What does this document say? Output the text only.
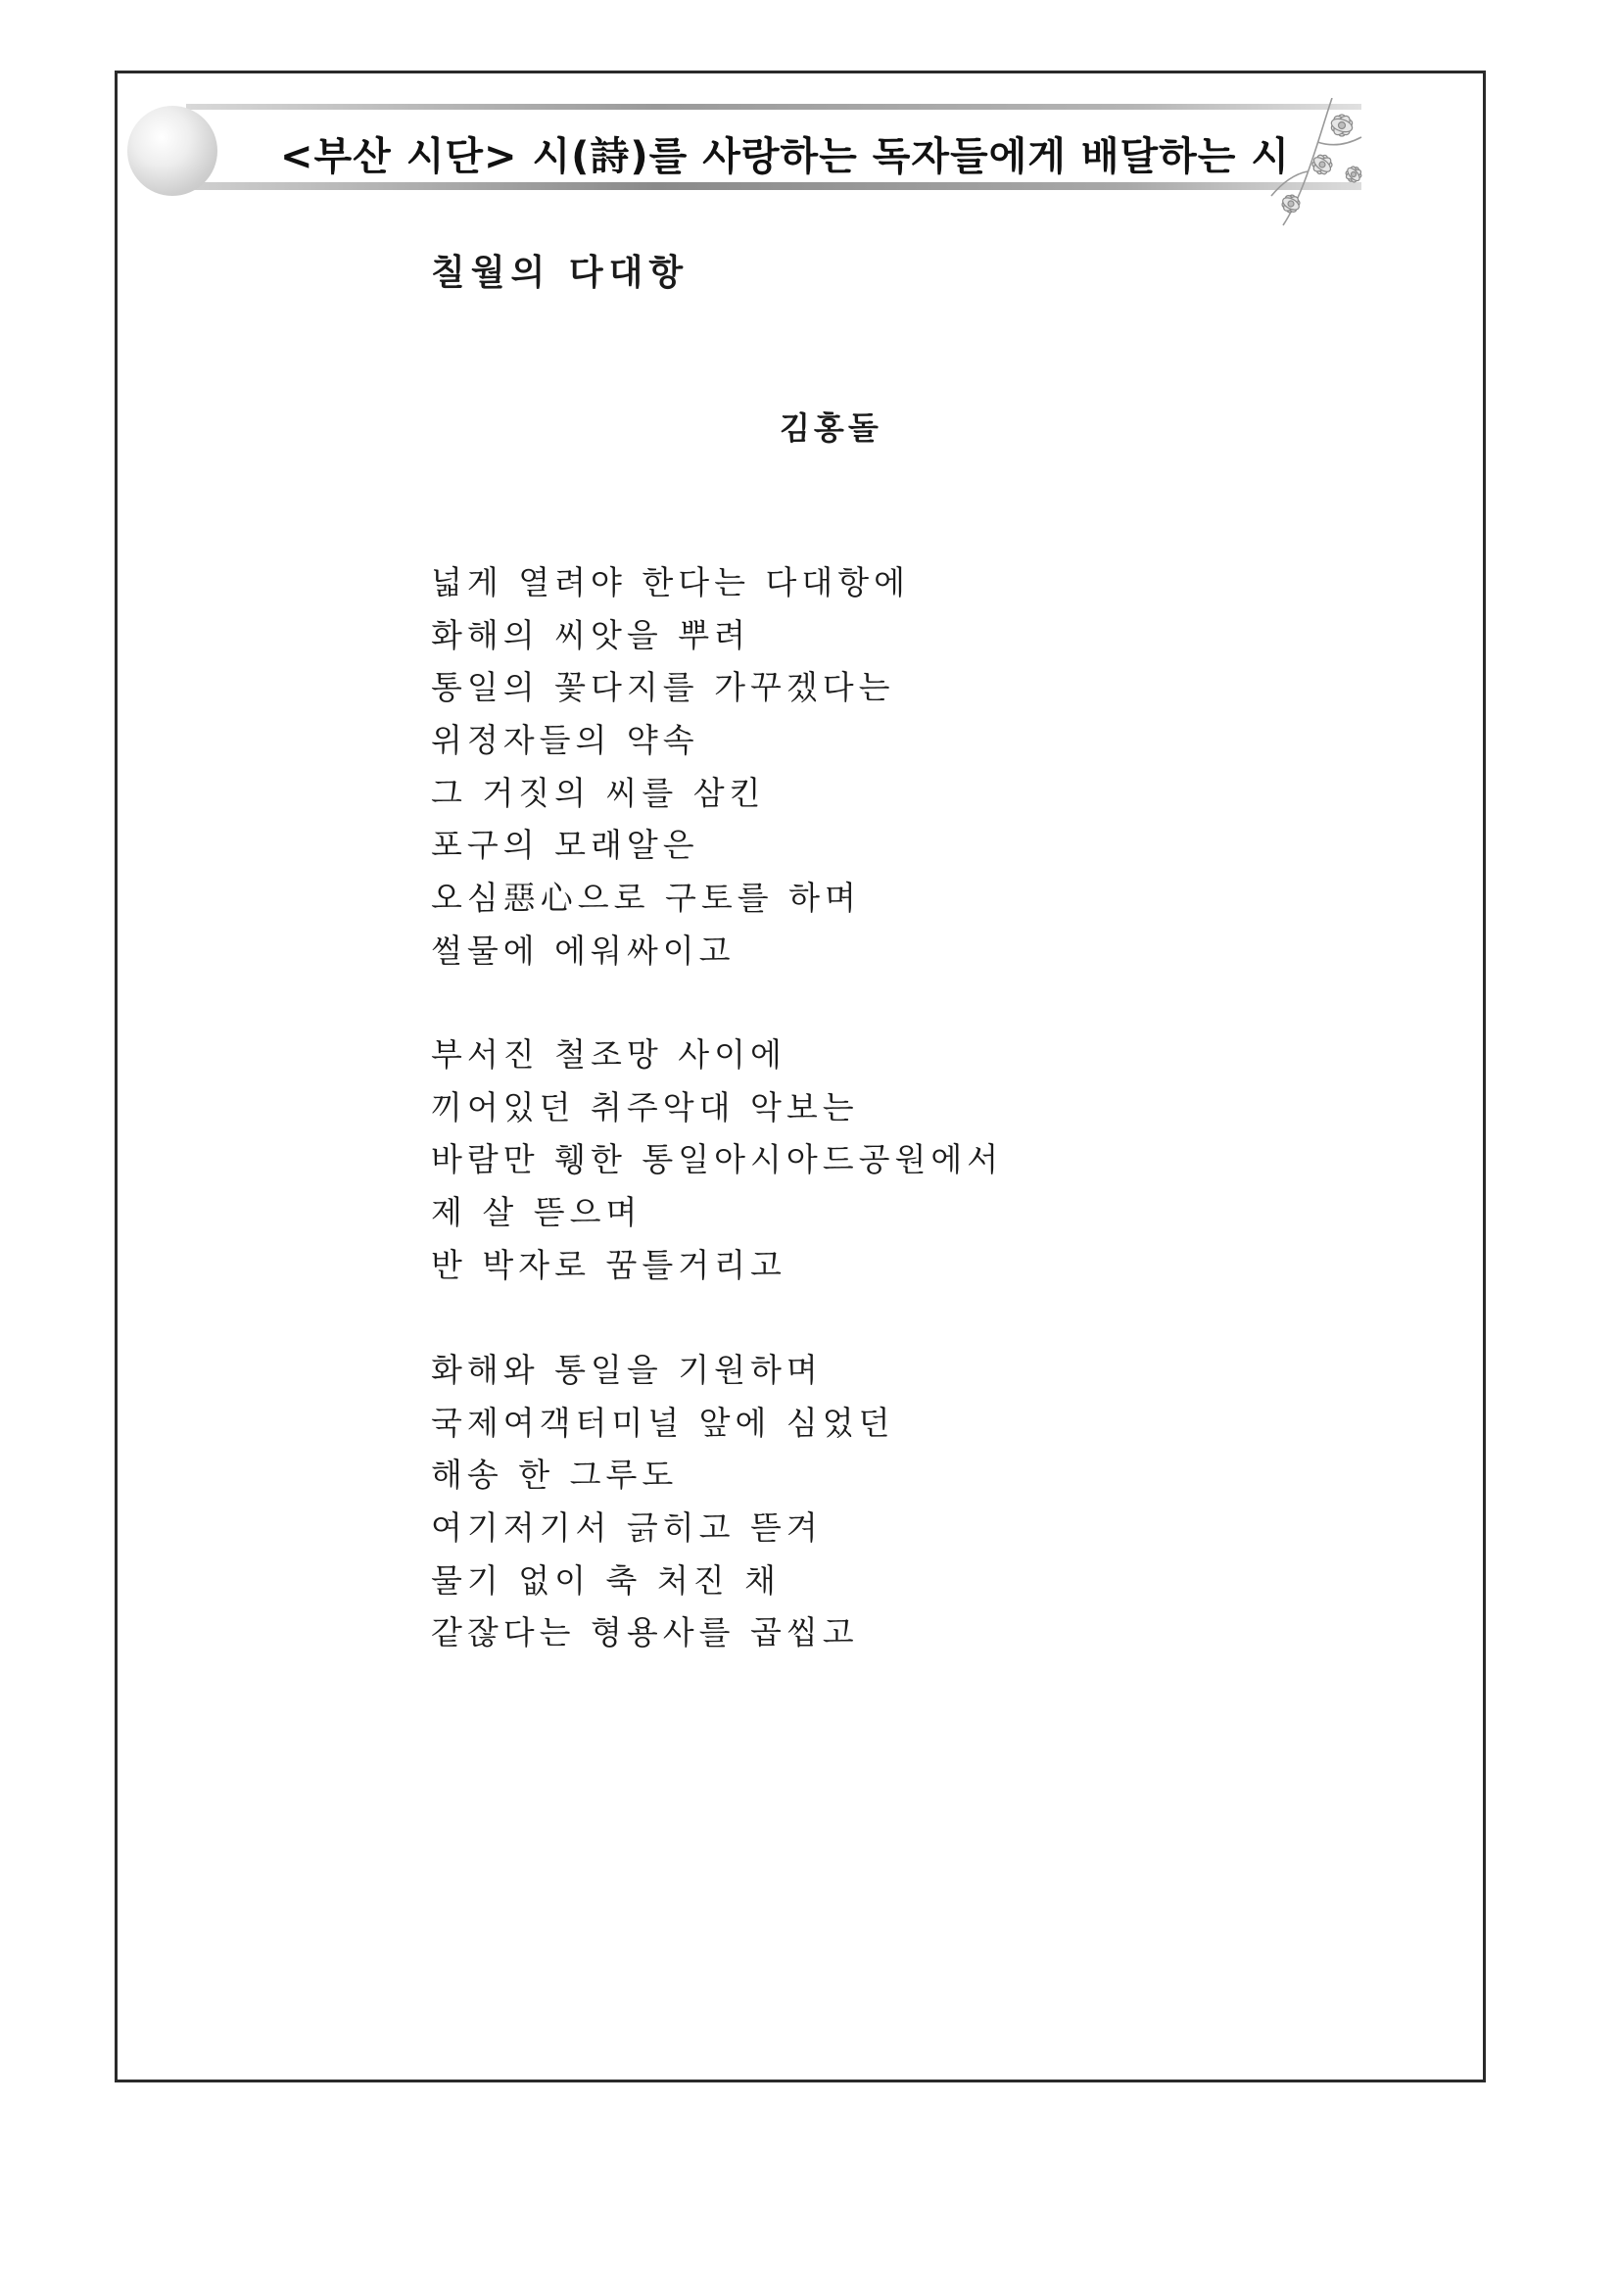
<부산 시단> 시(詩)를 사랑하는 독자들에게 배달하는 시
칠월의 다대항
김홍돌
넓게 열려야 한다는 다대항에
화해의 씨앗을 뿌려
통일의 꽃다지를 가꾸겠다는
위정자들의 약속
그 거짓의 씨를 삼킨
포구의 모래알은
오심惡心으로 구토를 하며
썰물에 에워싸이고
부서진 철조망 사이에
끼어있던 취주악대 악보는
바람만 휑한 통일아시아드공원에서
제 살 뜯으며
반 박자로 꿈틀거리고
화해와 통일을 기원하며
국제여객터미널 앞에 심었던
해송 한 그루도
여기저기서 긁히고 뜯겨
물기 없이 축 처진 채
같잖다는 형용사를 곱씹고
